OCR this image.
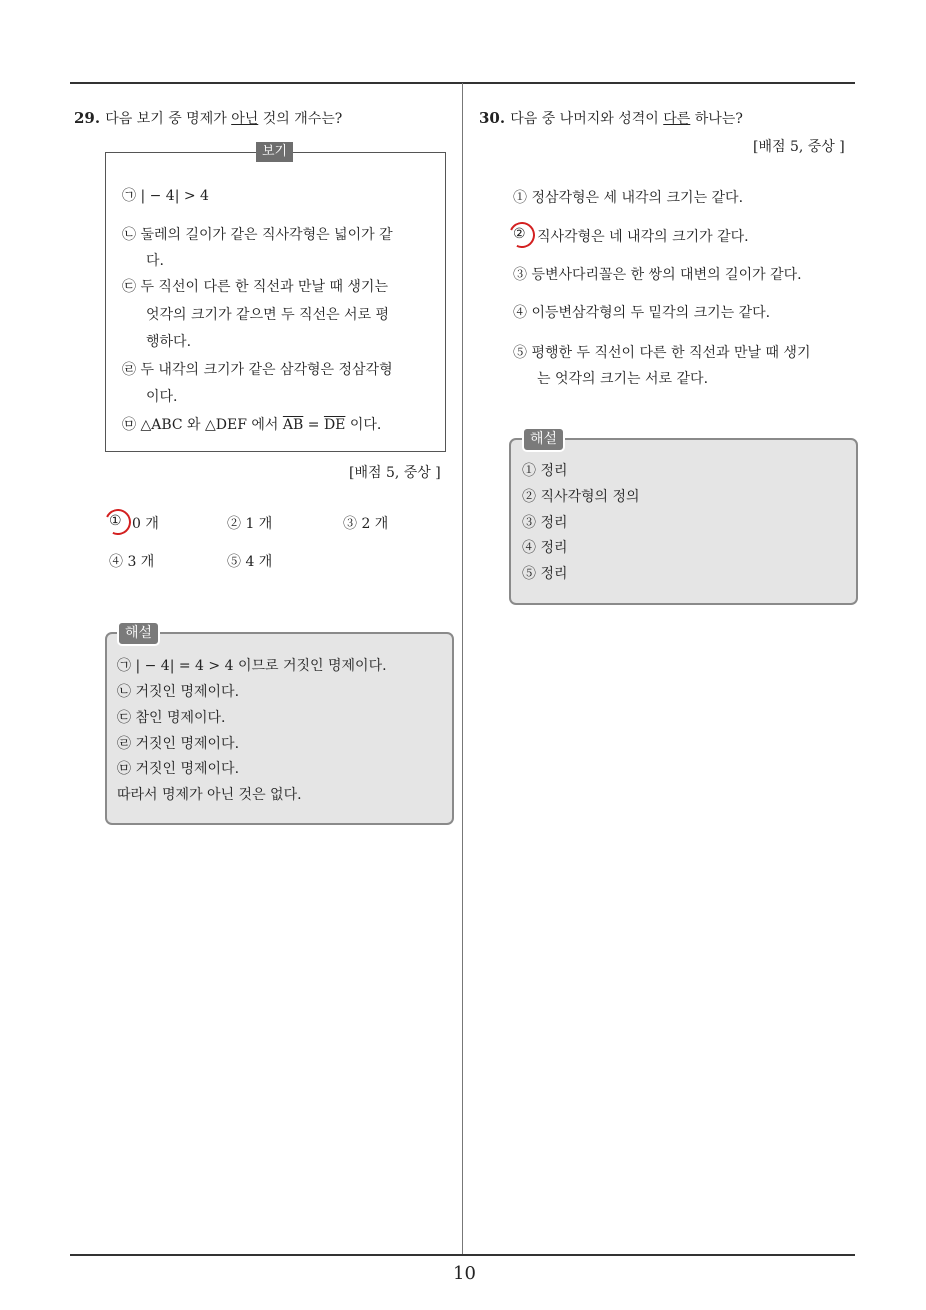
29. 다음 보기 중 명제가 아닌 것의 개수는?
보기
㉠ | − 4| > 4
㉡ 둘레의 길이가 같은 직사각형은 넓이가 같
다.
㉢ 두 직선이 다른 한 직선과 만날 때 생기는
엇각의 크기가 같으면 두 직선은 서로 평
행하다.
㉣ 두 내각의 크기가 같은 삼각형은 정삼각형
이다.
㉤ △ABC 와 △DEF 에서 $\overline{AB} = \overline{DE}$ 이다.
[배점 5, 중상 ]
① 0 개	② 1 개	③ 2 개
④ 3 개	⑤ 4 개
해설
㉠ | − 4| = 4 > 4 이므로 거짓인 명제이다.
㉡ 거짓인 명제이다.
㉢ 참인 명제이다.
㉣ 거짓인 명제이다.
㉤ 거짓인 명제이다.
따라서 명제가 아닌 것은 없다.
30. 다음 중 나머지와 성격이 다른 하나는?
[배점 5, 중상 ]
① 정삼각형은 세 내각의 크기는 같다.
② 직사각형은 네 내각의 크기가 같다.
③ 등변사다리꼴은 한 쌍의 대변의 길이가 같다.
④ 이등변삼각형의 두 밑각의 크기는 같다.
⑤ 평행한 두 직선이 다른 한 직선과 만날 때 생기
는 엇각의 크기는 서로 같다.
해설
① 정리
② 직사각형의 정의
③ 정리
④ 정리
⑤ 정리
10
